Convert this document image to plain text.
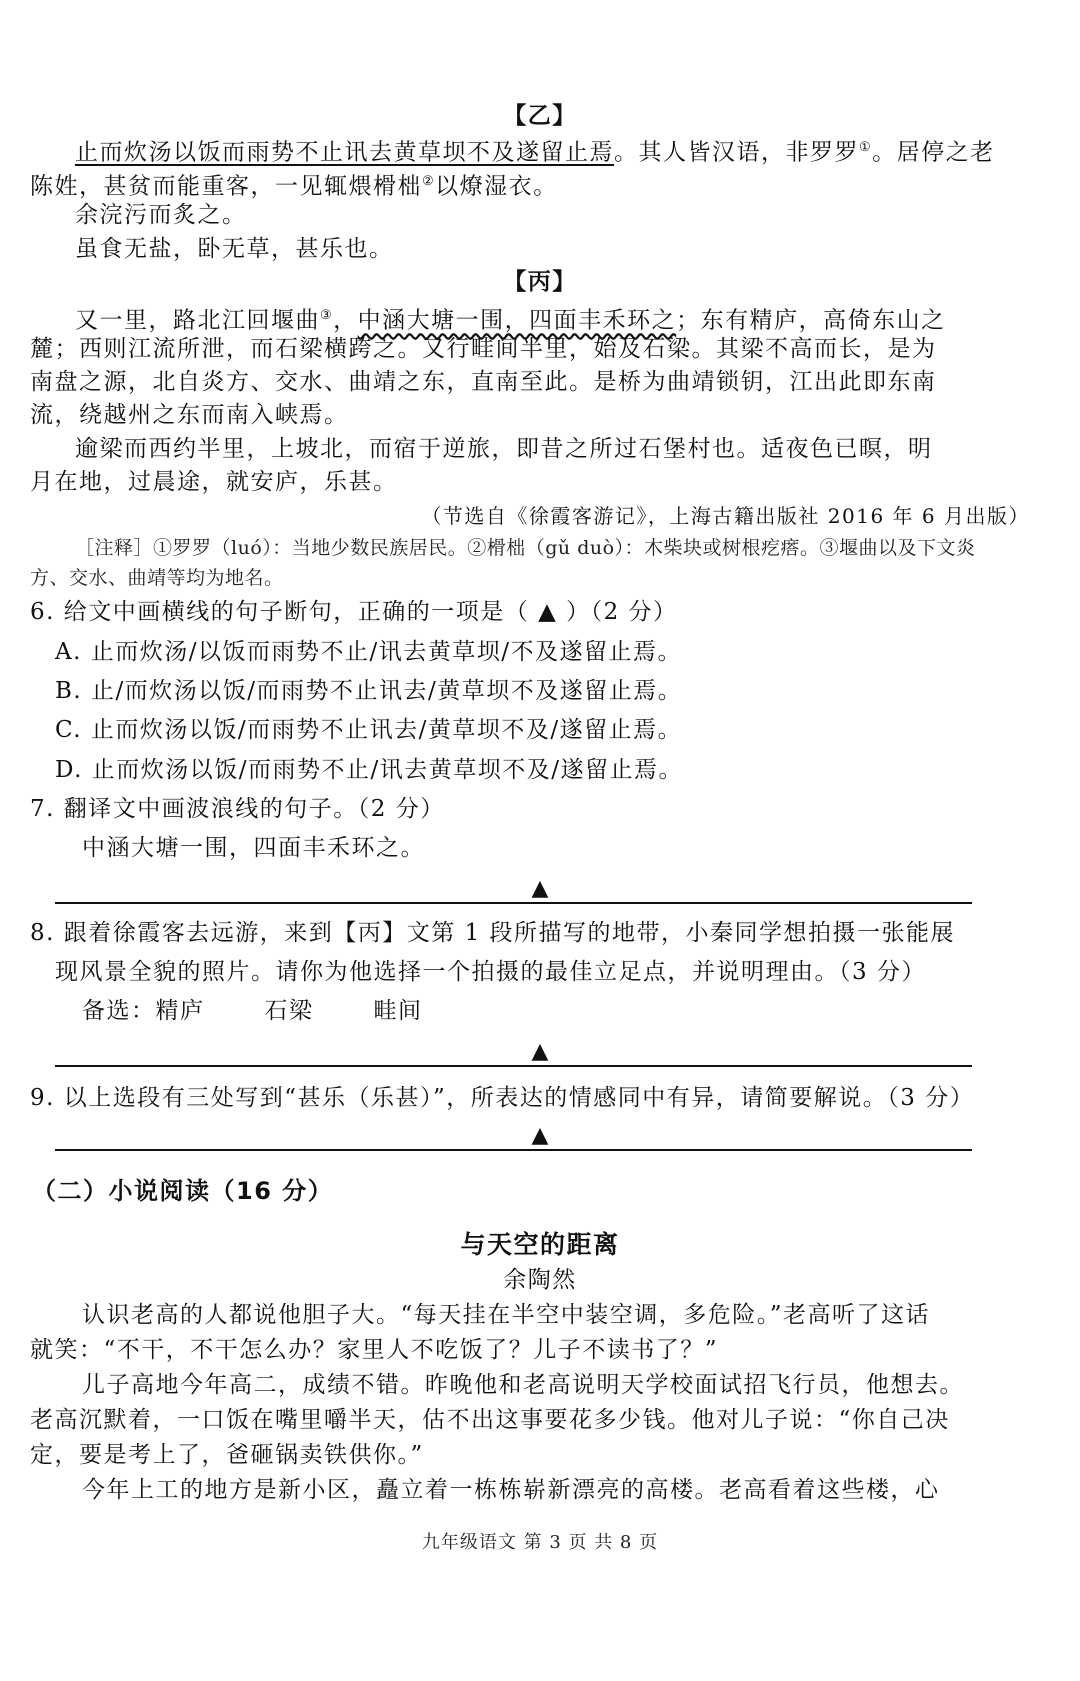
【乙】
止而炊汤以饭而雨势不止讯去黄草坝不及遂留止焉。其人皆汉语，非罗罗①。居停之老
陈姓，甚贫而能重客，一见辄煨榾柮②以燎湿衣。
余浣污而炙之。
虽食无盐，卧无草，甚乐也。
【丙】
又一里，路北江回堰曲③，中涵大塘一围，四面丰禾环之；东有精庐，高倚东山之
麓；西则江流所泄，而石梁横跨之。又行畦间半里，始及石梁。其梁不高而长，是为
南盘之源，北自炎方、交水、曲靖之东，直南至此。是桥为曲靖锁钥，江出此即东南
流，绕越州之东而南入峡焉。
逾梁而西约半里，上坡北，而宿于逆旅，即昔之所过石堡村也。适夜色已暝，明
月在地，过晨途，就安庐，乐甚。
（节选自《徐霞客游记》，上海古籍出版社 2016 年 6 月出版）
［注释］①罗罗（luó）：当地少数民族居民。②榾柮（gǔ duò）：木柴块或树根疙瘩。③堰曲以及下文炎
方、交水、曲靖等均为地名。
6. 给文中画横线的句子断句，正确的一项是（ ▲ ）（2 分）
A. 止而炊汤/以饭而雨势不止/讯去黄草坝/不及遂留止焉。
B. 止/而炊汤以饭/而雨势不止讯去/黄草坝不及遂留止焉。
C. 止而炊汤以饭/而雨势不止讯去/黄草坝不及/遂留止焉。
D. 止而炊汤以饭/而雨势不止/讯去黄草坝不及/遂留止焉。
7. 翻译文中画波浪线的句子。（2 分）
中涵大塘一围，四面丰禾环之。
▲
8. 跟着徐霞客去远游，来到【丙】文第 1 段所描写的地带，小秦同学想拍摄一张能展
现风景全貌的照片。请你为他选择一个拍摄的最佳立足点，并说明理由。（3 分）
备选：精庐	石梁	畦间
▲
9. 以上选段有三处写到“甚乐（乐甚）”，所表达的情感同中有异，请简要解说。（3 分）
▲
（二）小说阅读（16 分）
与天空的距离
余陶然
认识老高的人都说他胆子大。“每天挂在半空中装空调，多危险。”老高听了这话
就笑：“不干，不干怎么办？家里人不吃饭了？儿子不读书了？”
儿子高地今年高二，成绩不错。昨晚他和老高说明天学校面试招飞行员，他想去。
老高沉默着，一口饭在嘴里嚼半天，估不出这事要花多少钱。他对儿子说：“你自己决
定，要是考上了，爸砸锅卖铁供你。”
今年上工的地方是新小区，矗立着一栋栋崭新漂亮的高楼。老高看着这些楼，心
九年级语文 第 3 页 共 8 页
